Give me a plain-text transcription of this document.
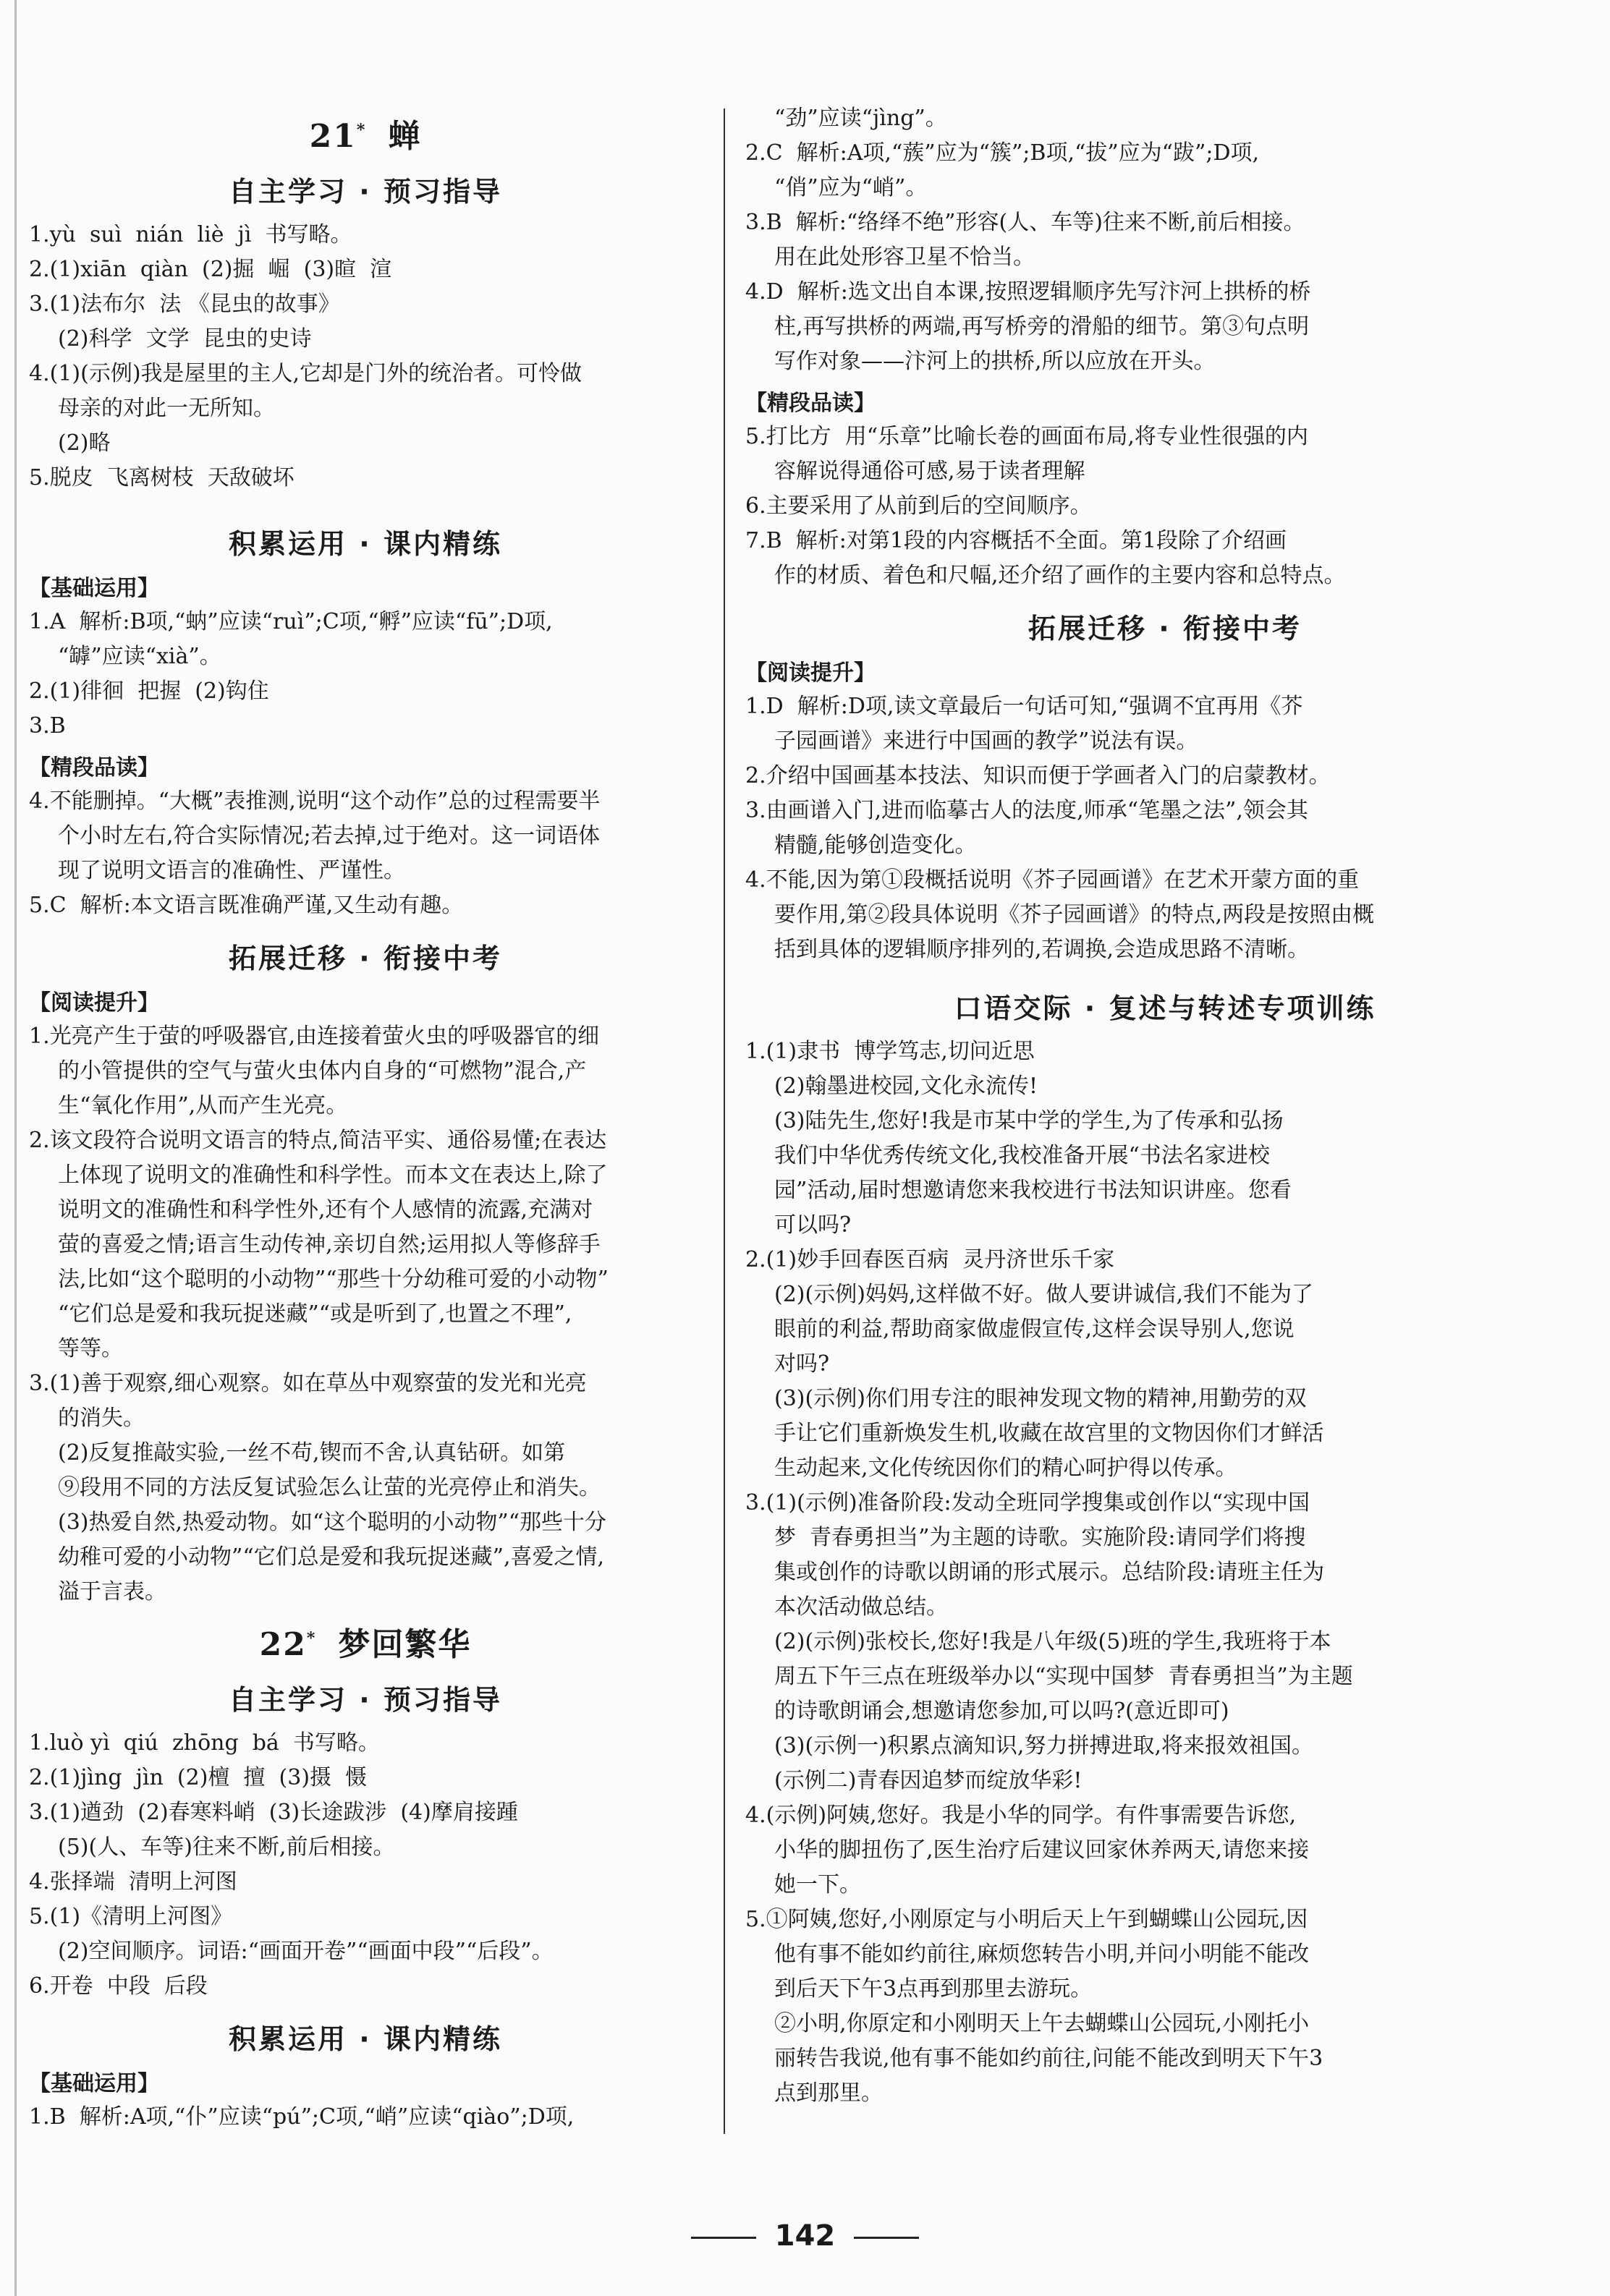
21* 蝉
自主学习 · 预习指导
1.yù  suì  nián  liè  jì  书写略。
2.(1)xiān  qiàn  (2)掘  崛  (3)暄  渲
3.(1)法布尔  法 《昆虫的故事》
(2)科学  文学  昆虫的史诗
4.(1)(示例)我是屋里的主人,它却是门外的统治者。可怜做
母亲的对此一无所知。
(2)略
5.脱皮  飞离树枝  天敌破坏
积累运用 · 课内精练
【基础运用】
1.A  解析:B项,“蚋”应读“ruì”;C项,“孵”应读“fū”;D项,
“罅”应读“xià”。
2.(1)徘徊  把握  (2)钩住
3.B
【精段品读】
4.不能删掉。“大概”表推测,说明“这个动作”总的过程需要半
个小时左右,符合实际情况;若去掉,过于绝对。这一词语体
现了说明文语言的准确性、严谨性。
5.C  解析:本文语言既准确严谨,又生动有趣。
拓展迁移 · 衔接中考
【阅读提升】
1.光亮产生于萤的呼吸器官,由连接着萤火虫的呼吸器官的细
的小管提供的空气与萤火虫体内自身的“可燃物”混合,产
生“氧化作用”,从而产生光亮。
2.该文段符合说明文语言的特点,简洁平实、通俗易懂;在表达
上体现了说明文的准确性和科学性。而本文在表达上,除了
说明文的准确性和科学性外,还有个人感情的流露,充满对
萤的喜爱之情;语言生动传神,亲切自然;运用拟人等修辞手
法,比如“这个聪明的小动物”“那些十分幼稚可爱的小动物”
“它们总是爱和我玩捉迷藏”“或是听到了,也置之不理”,
等等。
3.(1)善于观察,细心观察。如在草丛中观察萤的发光和光亮
的消失。
(2)反复推敲实验,一丝不苟,锲而不舍,认真钻研。如第
⑨段用不同的方法反复试验怎么让萤的光亮停止和消失。
(3)热爱自然,热爱动物。如“这个聪明的小动物”“那些十分
幼稚可爱的小动物”“它们总是爱和我玩捉迷藏”,喜爱之情,
溢于言表。
22* 梦回繁华
自主学习 · 预习指导
1.luò yì  qiú  zhōng  bá  书写略。
2.(1)jìng  jìn  (2)檀  擅  (3)摄  慑
3.(1)遒劲  (2)春寒料峭  (3)长途跋涉  (4)摩肩接踵
(5)(人、车等)往来不断,前后相接。
4.张择端  清明上河图
5.(1)《清明上河图》
(2)空间顺序。词语:“画面开卷”“画面中段”“后段”。
6.开卷  中段  后段
积累运用 · 课内精练
【基础运用】
1.B  解析:A项,“仆”应读“pú”;C项,“峭”应读“qiào”;D项,
“劲”应读“jìng”。
2.C  解析:A项,“蔟”应为“簇”;B项,“拔”应为“跋”;D项,
“俏”应为“峭”。
3.B  解析:“络绎不绝”形容(人、车等)往来不断,前后相接。
用在此处形容卫星不恰当。
4.D  解析:选文出自本课,按照逻辑顺序先写汴河上拱桥的桥
柱,再写拱桥的两端,再写桥旁的滑船的细节。第③句点明
写作对象——汴河上的拱桥,所以应放在开头。
【精段品读】
5.打比方  用“乐章”比喻长卷的画面布局,将专业性很强的内
容解说得通俗可感,易于读者理解
6.主要采用了从前到后的空间顺序。
7.B  解析:对第1段的内容概括不全面。第1段除了介绍画
作的材质、着色和尺幅,还介绍了画作的主要内容和总特点。
拓展迁移 · 衔接中考
【阅读提升】
1.D  解析:D项,读文章最后一句话可知,“强调不宜再用《芥
子园画谱》来进行中国画的教学”说法有误。
2.介绍中国画基本技法、知识而便于学画者入门的启蒙教材。
3.由画谱入门,进而临摹古人的法度,师承“笔墨之法”,领会其
精髓,能够创造变化。
4.不能,因为第①段概括说明《芥子园画谱》在艺术开蒙方面的重
要作用,第②段具体说明《芥子园画谱》的特点,两段是按照由概
括到具体的逻辑顺序排列的,若调换,会造成思路不清晰。
口语交际 · 复述与转述专项训练
1.(1)隶书  博学笃志,切问近思
(2)翰墨进校园,文化永流传!
(3)陆先生,您好!我是市某中学的学生,为了传承和弘扬
我们中华优秀传统文化,我校准备开展“书法名家进校
园”活动,届时想邀请您来我校进行书法知识讲座。您看
可以吗?
2.(1)妙手回春医百病  灵丹济世乐千家
(2)(示例)妈妈,这样做不好。做人要讲诚信,我们不能为了
眼前的利益,帮助商家做虚假宣传,这样会误导别人,您说
对吗?
(3)(示例)你们用专注的眼神发现文物的精神,用勤劳的双
手让它们重新焕发生机,收藏在故宫里的文物因你们才鲜活
生动起来,文化传统因你们的精心呵护得以传承。
3.(1)(示例)准备阶段:发动全班同学搜集或创作以“实现中国
梦  青春勇担当”为主题的诗歌。实施阶段:请同学们将搜
集或创作的诗歌以朗诵的形式展示。总结阶段:请班主任为
本次活动做总结。
(2)(示例)张校长,您好!我是八年级(5)班的学生,我班将于本
周五下午三点在班级举办以“实现中国梦  青春勇担当”为主题
的诗歌朗诵会,想邀请您参加,可以吗?(意近即可)
(3)(示例一)积累点滴知识,努力拼搏进取,将来报效祖国。
(示例二)青春因追梦而绽放华彩!
4.(示例)阿姨,您好。我是小华的同学。有件事需要告诉您,
小华的脚扭伤了,医生治疗后建议回家休养两天,请您来接
她一下。
5.①阿姨,您好,小刚原定与小明后天上午到蝴蝶山公园玩,因
他有事不能如约前往,麻烦您转告小明,并问小明能不能改
到后天下午3点再到那里去游玩。
②小明,你原定和小刚明天上午去蝴蝶山公园玩,小刚托小
丽转告我说,他有事不能如约前往,问能不能改到明天下午3
点到那里。
142
